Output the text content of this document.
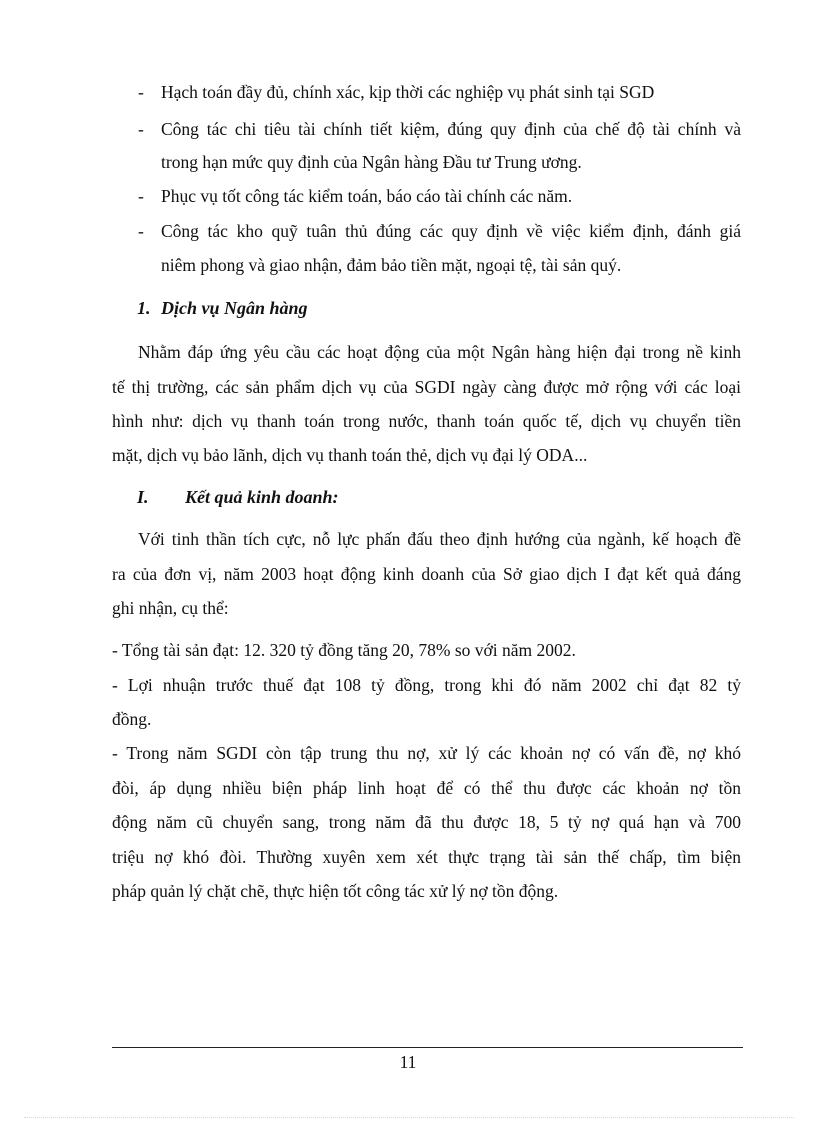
- Hạch toán đầy đủ, chính xác, kịp thời các nghiệp vụ phát sinh tại SGD
- Công tác chi tiêu tài chính tiết kiệm, đúng quy định của chế độ tài chính và
trong hạn mức quy định của Ngân hàng Đầu tư Trung ương.
- Phục vụ tốt công tác kiểm toán, báo cáo tài chính các năm.
- Công tác kho quỹ tuân thủ đúng các quy định về việc kiểm định, đánh giá
niêm phong và giao nhận, đảm bảo tiền mặt, ngoại tệ, tài sản quý.
1. Dịch vụ Ngân hàng
Nhằm đáp ứng yêu cầu các hoạt động của một Ngân hàng hiện đại trong nề kinh
tế thị trường, các sản phẩm dịch vụ của SGDI ngày càng được mở rộng với các loại
hình như: dịch vụ thanh toán trong nước, thanh toán quốc tế, dịch vụ chuyển tiền
mặt, dịch vụ bảo lãnh, dịch vụ thanh toán thẻ, dịch vụ đại lý ODA...
I. Kết quả kinh doanh:
Với tinh thần tích cực, nỗ lực phấn đấu theo định hướng của ngành, kế hoạch đề
ra của đơn vị, năm 2003 hoạt động kinh doanh của Sở giao dịch I đạt kết quả đáng
ghi nhận, cụ thể:
- Tổng tài sản đạt: 12. 320 tỷ đồng tăng 20, 78% so với năm 2002.
- Lợi nhuận trước thuế đạt 108 tỷ đồng, trong khi đó năm 2002 chỉ đạt 82 tỷ
đồng.
- Trong năm SGDI còn tập trung thu nợ, xử lý các khoản nợ có vấn đề, nợ khó
đòi, áp dụng nhiều biện pháp linh hoạt để có thể thu được các khoản nợ tồn
động năm cũ chuyển sang, trong năm đã thu được 18, 5 tỷ nợ quá hạn và 700
triệu nợ khó đòi. Thường xuyên xem xét thực trạng tài sản thế chấp, tìm biện
pháp quản lý chặt chẽ, thực hiện tốt công tác xử lý nợ tồn động.
11
